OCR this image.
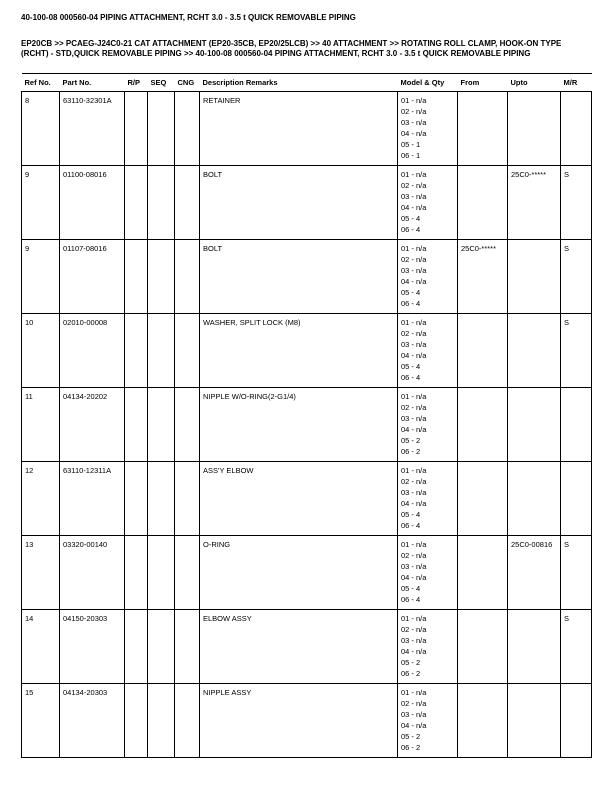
40-100-08 000560-04 PIPING ATTACHMENT, RCHT 3.0 - 3.5 t QUICK REMOVABLE PIPING
EP20CB >> PCAEG-J24C0-21 CAT ATTACHMENT (EP20-35CB, EP20/25LCB) >> 40 ATTACHMENT >> ROTATING ROLL CLAMP, HOOK-ON TYPE (RCHT) - STD,QUICK REMOVABLE PIPING >> 40-100-08 000560-04 PIPING ATTACHMENT, RCHT 3.0 - 3.5 t QUICK REMOVABLE PIPING
Ref No.	Part No.	R/P	SEQ	CNG	Description Remarks	Model & Qty	From	Upto	M/R
8	63110-32301A				RETAINER	01 - n/a
02 - n/a
03 - n/a
04 - n/a
05 - 1
06 - 1

9	01100-08016				BOLT	01 - n/a
02 - n/a
03 - n/a
04 - n/a
05 - 4
06 - 4
		25C0-*****	S
9	01107-08016				BOLT	01 - n/a
02 - n/a
03 - n/a
04 - n/a
05 - 4
06 - 4
	25C0-*****		S
10	02010-00008				WASHER, SPLIT LOCK (M8)	01 - n/a
02 - n/a
03 - n/a
04 - n/a
05 - 4
06 - 4
			S
11	04134-20202				NIPPLE W/O-RING(2-G1/4)	01 - n/a
02 - n/a
03 - n/a
04 - n/a
05 - 2
06 - 2

12	63110-12311A				ASS'Y ELBOW	01 - n/a
02 - n/a
03 - n/a
04 - n/a
05 - 4
06 - 4

13	03320-00140				O-RING	01 - n/a
02 - n/a
03 - n/a
04 - n/a
05 - 4
06 - 4
		25C0-00816	S
14	04150-20303				ELBOW ASSY	01 - n/a
02 - n/a
03 - n/a
04 - n/a
05 - 2
06 - 2
			S
15	04134-20303				NIPPLE ASSY	01 - n/a
02 - n/a
03 - n/a
04 - n/a
05 - 2
06 - 2
